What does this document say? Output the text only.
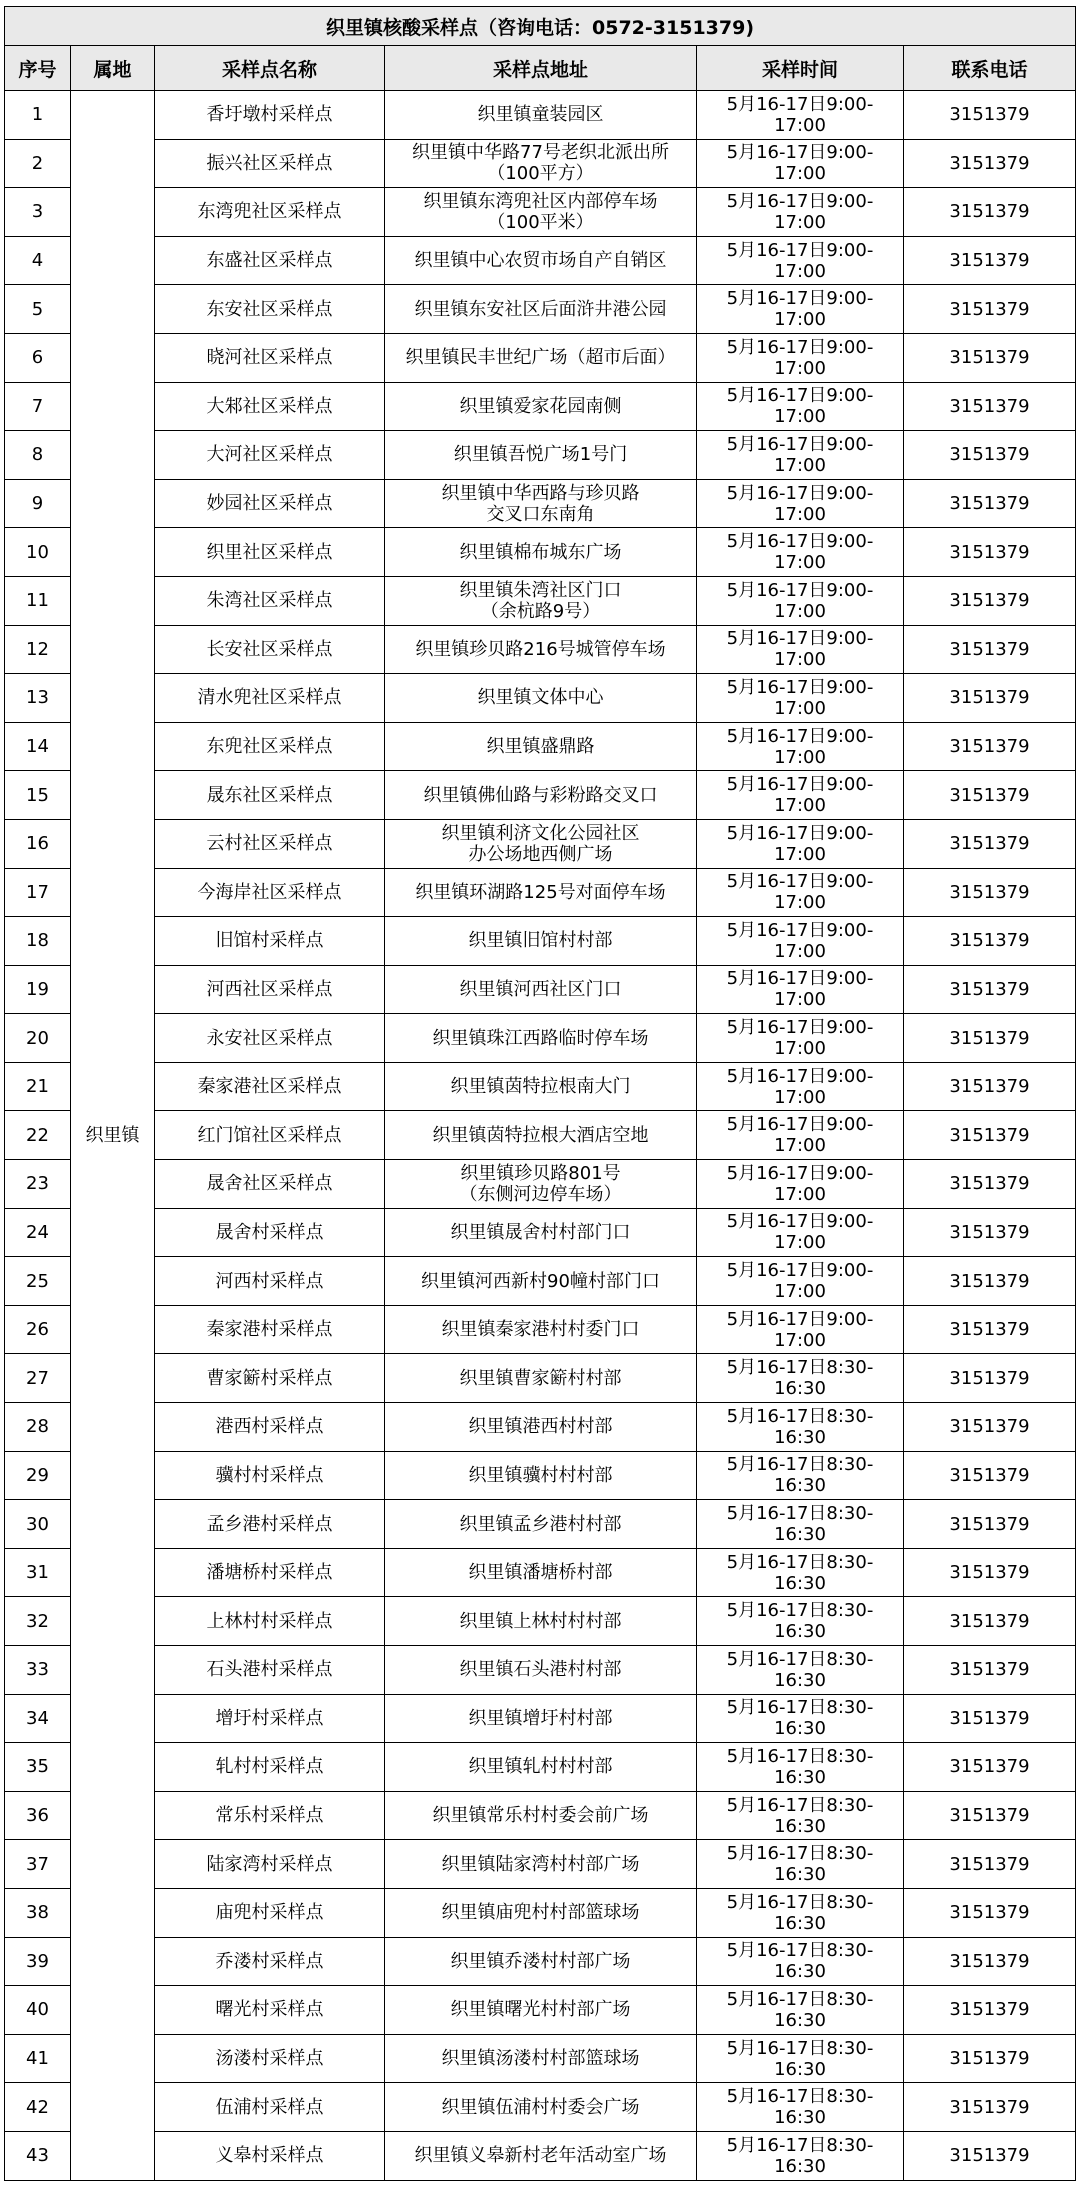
织里镇核酸采样点（咨询电话：0572-3151379)					
序号	属地	采样点名称	采样点地址	采样时间	联系电话
1	织里镇	香圩墩村采样点	织里镇童装园区	5月16-17日9:00-17:00	3151379
2		振兴社区采样点	织里镇中华路77号老织北派出所
（100平方）	5月16-17日9:00-17:00	3151379
3		东湾兜社区采样点	织里镇东湾兜社区内部停车场
（100平米）	5月16-17日9:00-17:00	3151379
4		东盛社区采样点	织里镇中心农贸市场自产自销区	5月16-17日9:00-17:00	3151379
5		东安社区采样点	织里镇东安社区后面浒井港公园	5月16-17日9:00-17:00	3151379
6		晓河社区采样点	织里镇民丰世纪广场（超市后面）	5月16-17日9:00-17:00	3151379
7		大邾社区采样点	织里镇爱家花园南侧	5月16-17日9:00-17:00	3151379
8		大河社区采样点	织里镇吾悦广场1号门	5月16-17日9:00-17:00	3151379
9		妙园社区采样点	织里镇中华西路与珍贝路
交叉口东南角	5月16-17日9:00-17:00	3151379
10		织里社区采样点	织里镇棉布城东广场	5月16-17日9:00-17:00	3151379
11		朱湾社区采样点	织里镇朱湾社区门口
（余杭路9号）	5月16-17日9:00-17:00	3151379
12		长安社区采样点	织里镇珍贝路216号城管停车场	5月16-17日9:00-17:00	3151379
13		清水兜社区采样点	织里镇文体中心	5月16-17日9:00-17:00	3151379
14		东兜社区采样点	织里镇盛鼎路	5月16-17日9:00-17:00	3151379
15		晟东社区采样点	织里镇佛仙路与彩粉路交叉口	5月16-17日9:00-17:00	3151379
16		云村社区采样点	织里镇利济文化公园社区
办公场地西侧广场	5月16-17日9:00-17:00	3151379
17		今海岸社区采样点	织里镇环湖路125号对面停车场	5月16-17日9:00-17:00	3151379
18		旧馆村采样点	织里镇旧馆村村部	5月16-17日9:00-17:00	3151379
19		河西社区采样点	织里镇河西社区门口	5月16-17日9:00-17:00	3151379
20		永安社区采样点	织里镇珠江西路临时停车场	5月16-17日9:00-17:00	3151379
21		秦家港社区采样点	织里镇茵特拉根南大门	5月16-17日9:00-17:00	3151379
22		红门馆社区采样点	织里镇茵特拉根大酒店空地	5月16-17日9:00-17:00	3151379
23		晟舍社区采样点	织里镇珍贝路801号
（东侧河边停车场）	5月16-17日9:00-17:00	3151379
24		晟舍村采样点	织里镇晟舍村村部门口	5月16-17日9:00-17:00	3151379
25		河西村采样点	织里镇河西新村90幢村部门口	5月16-17日9:00-17:00	3151379
26		秦家港村采样点	织里镇秦家港村村委门口	5月16-17日9:00-17:00	3151379
27		曹家簖村采样点	织里镇曹家簖村村部	5月16-17日8:30-16:30	3151379
28		港西村采样点	织里镇港西村村部	5月16-17日8:30-16:30	3151379
29		骥村村采样点	织里镇骥村村村部	5月16-17日8:30-16:30	3151379
30		孟乡港村采样点	织里镇孟乡港村村部	5月16-17日8:30-16:30	3151379
31		潘塘桥村采样点	织里镇潘塘桥村部	5月16-17日8:30-16:30	3151379
32		上林村村采样点	织里镇上林村村村部	5月16-17日8:30-16:30	3151379
33		石头港村采样点	织里镇石头港村村部	5月16-17日8:30-16:30	3151379
34		增圩村采样点	织里镇增圩村村部	5月16-17日8:30-16:30	3151379
35		轧村村采样点	织里镇轧村村村部	5月16-17日8:30-16:30	3151379
36		常乐村采样点	织里镇常乐村村委会前广场	5月16-17日8:30-16:30	3151379
37		陆家湾村采样点	织里镇陆家湾村村部广场	5月16-17日8:30-16:30	3151379
38		庙兜村采样点	织里镇庙兜村村部篮球场	5月16-17日8:30-16:30	3151379
39		乔溇村采样点	织里镇乔溇村村部广场	5月16-17日8:30-16:30	3151379
40		曙光村采样点	织里镇曙光村村部广场	5月16-17日8:30-16:30	3151379
41		汤溇村采样点	织里镇汤溇村村部篮球场	5月16-17日8:30-16:30	3151379
42		伍浦村采样点	织里镇伍浦村村委会广场	5月16-17日8:30-16:30	3151379
43		义皋村采样点	织里镇义皋新村老年活动室广场	5月16-17日8:30-16:30	3151379
